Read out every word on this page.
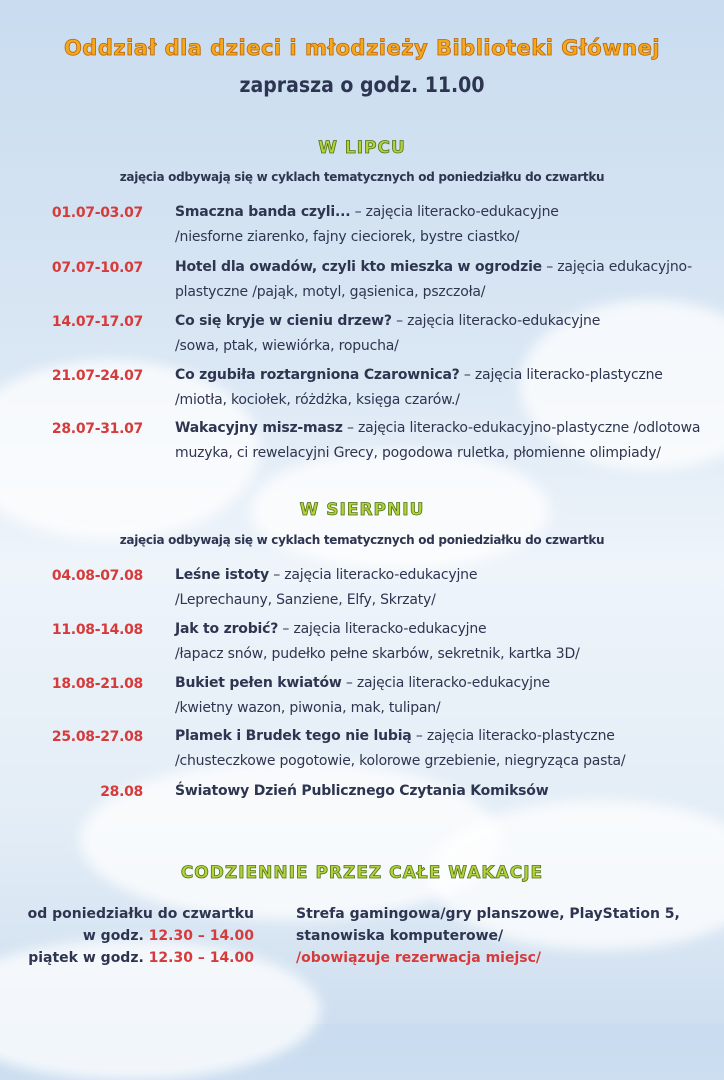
Oddział dla dzieci i młodzieży Biblioteki Głównej
zaprasza o godz. 11.00
W LIPCU
zajęcia odbywają się w cyklach tematycznych od poniedziałku do czwartku
01.07-03.07 Smaczna banda czyli... – zajęcia literacko-edukacyjne
/niesforne ziarenko, fajny cieciorek, bystre ciastko/
07.07-10.07 Hotel dla owadów, czyli kto mieszka w ogrodzie – zajęcia edukacyjno-
plastyczne /pająk, motyl, gąsienica, pszczoła/
14.07-17.07 Co się kryje w cieniu drzew? – zajęcia literacko-edukacyjne
/sowa, ptak, wiewiórka, ropucha/
21.07-24.07 Co zgubiła roztargniona Czarownica? – zajęcia literacko-plastyczne
/miotła, kociołek, różdżka, księga czarów./
28.07-31.07 Wakacyjny misz-masz – zajęcia literacko-edukacyjno-plastyczne /odlotowa
muzyka, ci rewelacyjni Grecy, pogodowa ruletka, płomienne olimpiady/
W SIERPNIU
zajęcia odbywają się w cyklach tematycznych od poniedziałku do czwartku
04.08-07.08 Leśne istoty – zajęcia literacko-edukacyjne
/Leprechauny, Sanziene, Elfy, Skrzaty/
11.08-14.08 Jak to zrobić? – zajęcia literacko-edukacyjne
/łapacz snów, pudełko pełne skarbów, sekretnik, kartka 3D/
18.08-21.08 Bukiet pełen kwiatów – zajęcia literacko-edukacyjne
/kwietny wazon, piwonia, mak, tulipan/
25.08-27.08 Plamek i Brudek tego nie lubią – zajęcia literacko-plastyczne
/chusteczkowe pogotowie, kolorowe grzebienie, niegryząca pasta/
28.08 Światowy Dzień Publicznego Czytania Komiksów
CODZIENNIE PRZEZ CAŁE WAKACJE
od poniedziałku do czwartku
w godz. 12.30 – 14.00
piątek w godz. 12.30 – 14.00
Strefa gamingowa/gry planszowe, PlayStation 5,
stanowiska komputerowe/
/obowiązuje rezerwacja miejsc/
